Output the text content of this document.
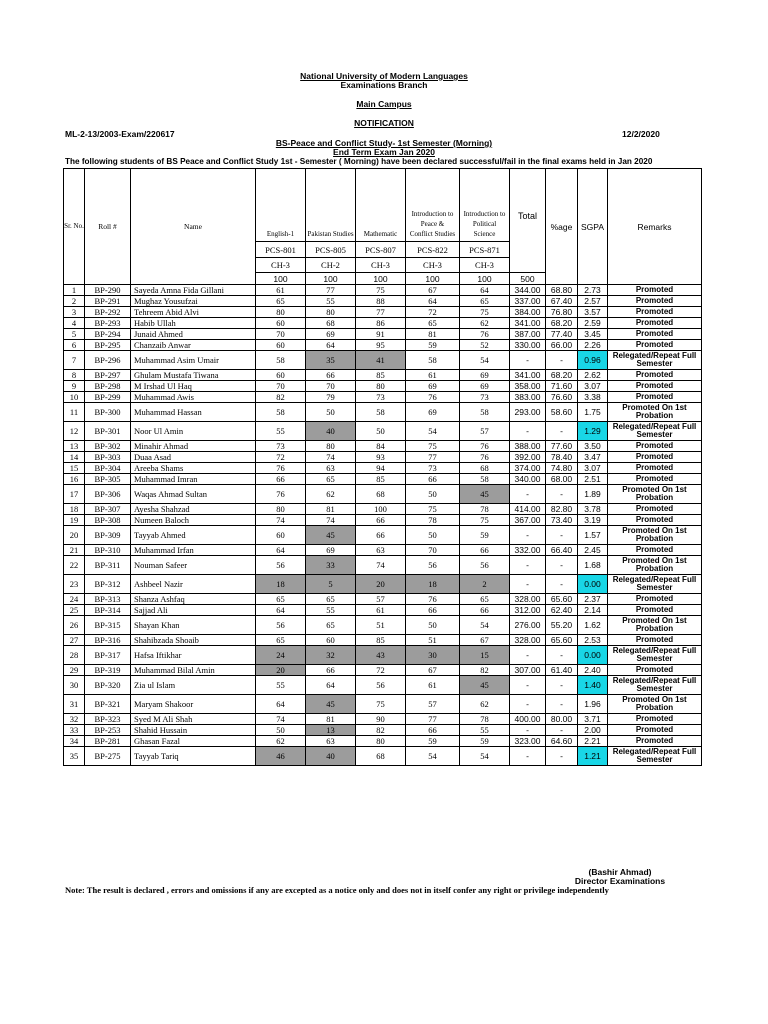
National University of Modern Languages
Examinations Branch
Main Campus
NOTIFICATION
ML-2-13/2003-Exam/220617	12/2/2020
BS-Peace and Conflict Study- 1st Semester (Morning)
End Term Exam Jan 2020
The following students of BS Peace and Conflict Study 1st - Semester ( Morning) have been declared successful/fail in the final exams held in Jan 2020
Sr. No.	Roll #	Name	English-1	Pakistan Studies	Mathematic	Introduction to Peace & Conflict Studies	Introduction to Political Science	Total	%age	SGPA	Remarks
			PCS-801	PCS-805	PCS-807	PCS-822	PCS-871				
			CH-3	CH-2	CH-3	CH-3	CH-3				
			100	100	100	100	100	500			
1	BP-290	Sayeda Amna Fida Gillani	61	77	75	67	64	344.00	68.80	2.73	Promoted
2	BP-291	Mughaz Yousufzai	65	55	88	64	65	337.00	67.40	2.57	Promoted
3	BP-292	Tehreem Abid Alvi	80	80	77	72	75	384.00	76.80	3.57	Promoted
4	BP-293	Habib Ullah	60	68	86	65	62	341.00	68.20	2.59	Promoted
5	BP-294	Junaid Ahmed	70	69	91	81	76	387.00	77.40	3.45	Promoted
6	BP-295	Chanzaib Anwar	60	64	95	59	52	330.00	66.00	2.26	Promoted
7	BP-296	Muhammad Asim Umair	58	35	41	58	54	-	-	0.96	Relegated/Repeat Full Semester
8	BP-297	Ghulam Mustafa Tiwana	60	66	85	61	69	341.00	68.20	2.62	Promoted
9	BP-298	M Irshad Ul Haq	70	70	80	69	69	358.00	71.60	3.07	Promoted
10	BP-299	Muhammad Awis	82	79	73	76	73	383.00	76.60	3.38	Promoted
11	BP-300	Muhammad Hassan	58	50	58	69	58	293.00	58.60	1.75	Promoted On 1st Probation
12	BP-301	Noor Ul Amin	55	40	50	54	57	-	-	1.29	Relegated/Repeat Full Semester
13	BP-302	Minahir Ahmad	73	80	84	75	76	388.00	77.60	3.50	Promoted
14	BP-303	Duaa Asad	72	74	93	77	76	392.00	78.40	3.47	Promoted
15	BP-304	Areeba Shams	76	63	94	73	68	374.00	74.80	3.07	Promoted
16	BP-305	Muhammad Imran	66	65	85	66	58	340.00	68.00	2.51	Promoted
17	BP-306	Waqas Ahmad Sultan	76	62	68	50	45	-	-	1.89	Promoted On 1st Probation
18	BP-307	Ayesha Shahzad	80	81	100	75	78	414.00	82.80	3.78	Promoted
19	BP-308	Numeen Baloch	74	74	66	78	75	367.00	73.40	3.19	Promoted
20	BP-309	Tayyab Ahmed	60	45	66	50	59	-	-	1.57	Promoted On 1st Probation
21	BP-310	Muhammad Irfan	64	69	63	70	66	332.00	66.40	2.45	Promoted
22	BP-311	Nouman Safeer	56	33	74	56	56	-	-	1.68	Promoted On 1st Probation
23	BP-312	Ashbeel Nazir	18	5	20	18	2	-	-	0.00	Relegated/Repeat Full Semester
24	BP-313	Shanza Ashfaq	65	65	57	76	65	328.00	65.60	2.37	Promoted
25	BP-314	Sajjad Ali	64	55	61	66	66	312.00	62.40	2.14	Promoted
26	BP-315	Shayan Khan	56	65	51	50	54	276.00	55.20	1.62	Promoted On 1st Probation
27	BP-316	Shahibzada Shoaib	65	60	85	51	67	328.00	65.60	2.53	Promoted
28	BP-317	Hafsa Iftikhar	24	32	43	30	15	-	-	0.00	Relegated/Repeat Full Semester
29	BP-319	Muhammad Bilal Amin	20	66	72	67	82	307.00	61.40	2.40	Promoted
30	BP-320	Zia ul Islam	55	64	56	61	45	-	-	1.40	Relegated/Repeat Full Semester
31	BP-321	Maryam Shakoor	64	45	75	57	62	-	-	1.96	Promoted On 1st Probation
32	BP-323	Syed M Ali Shah	74	81	90	77	78	400.00	80.00	3.71	Promoted
33	BP-253	Shahid Hussain	50	13	82	66	55	-	-	2.00	Promoted
34	BP-281	Ghasan Fazal	62	63	80	59	59	323.00	64.60	2.21	Promoted
35	BP-275	Tayyab Tariq	46	40	68	54	54	-	-	1.21	Relegated/Repeat Full Semester
(Bashir Ahmad)
Director Examinations
Note: The result is declared , errors and omissions if any are excepted as a notice only and does not in itself confer any right or privilege independently
